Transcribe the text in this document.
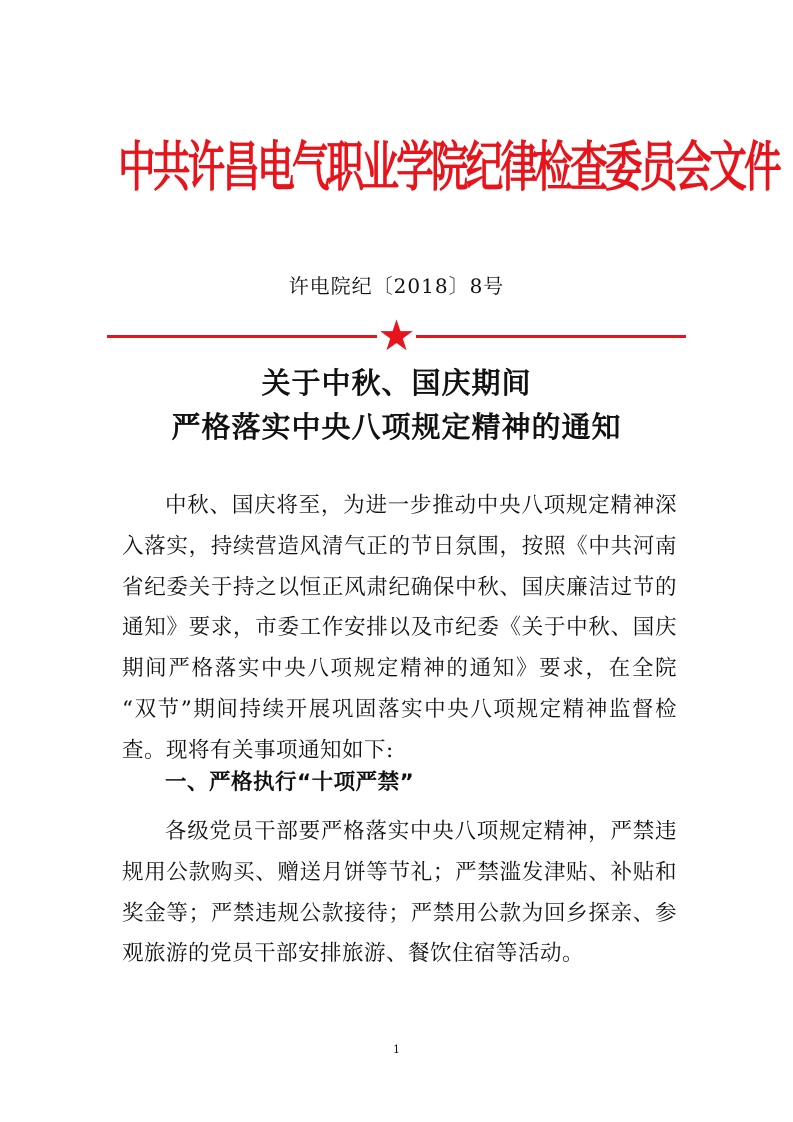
中共许昌电气职业学院纪律检查委员会文件
许电院纪〔2018〕8号
关于中秋、国庆期间
严格落实中央八项规定精神的通知

中秋、国庆将至，为进一步推动中央八项规定精神深入落实，持续营造风清气正的节日氛围，按照《中共河南省纪委关于持之以恒正风肃纪确保中秋、国庆廉洁过节的通知》要求，市委工作安排以及市纪委《关于中秋、国庆期间严格落实中央八项规定精神的通知》要求，在全院 “双节”期间持续开展巩固落实中央八项规定精神监督检查。现将有关事项通知如下:

一、严格执行“十项严禁”

各级党员干部要严格落实中央八项规定精神，严禁违规用公款购买、赠送月饼等节礼；严禁滥发津贴、补贴和奖金等；严禁违规公款接待；严禁用公款为回乡探亲、参观旅游的党员干部安排旅游、餐饮住宿等活动。

1
